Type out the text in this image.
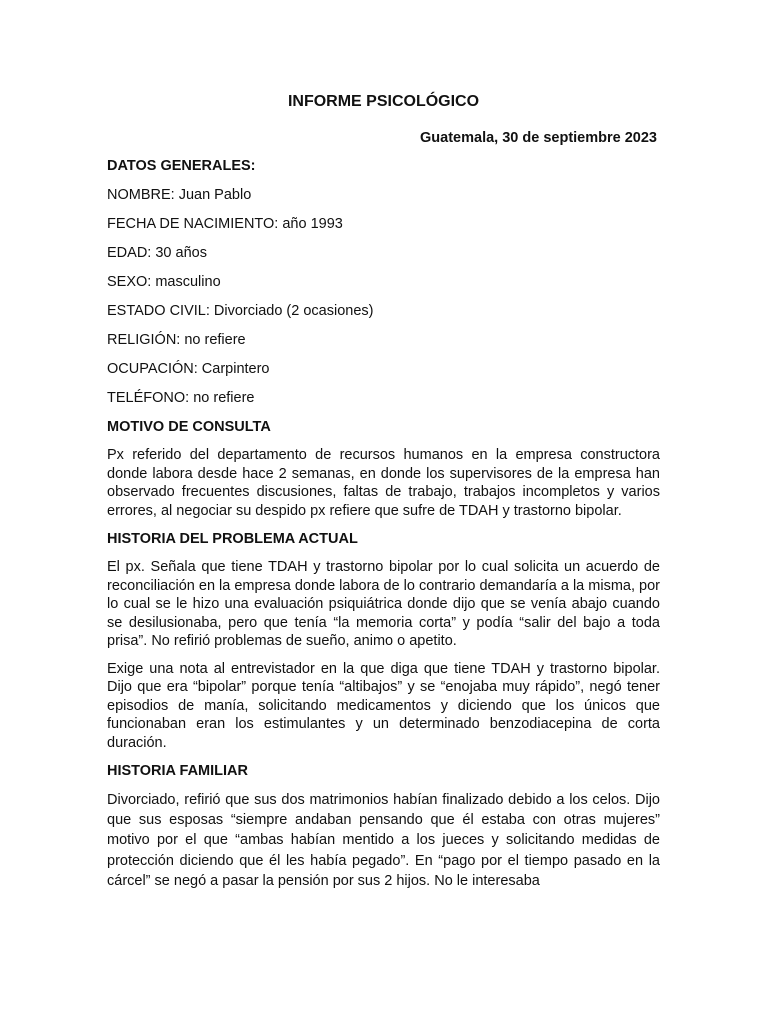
INFORME PSICOLÓGICO
Guatemala, 30 de septiembre 2023
DATOS GENERALES:
NOMBRE: Juan Pablo
FECHA DE NACIMIENTO: año 1993
EDAD: 30 años
SEXO: masculino
ESTADO CIVIL: Divorciado (2 ocasiones)
RELIGIÓN: no refiere
OCUPACIÓN: Carpintero
TELÉFONO: no refiere
MOTIVO DE CONSULTA
Px referido del departamento de recursos humanos en la empresa constructora donde labora desde hace 2 semanas, en donde los supervisores de la empresa han observado frecuentes discusiones, faltas de trabajo, trabajos incompletos y varios errores, al negociar su despido px refiere que sufre de TDAH y trastorno bipolar.
HISTORIA DEL PROBLEMA ACTUAL
El px. Señala que tiene TDAH y trastorno bipolar por lo cual solicita un acuerdo de reconciliación en la empresa donde labora de lo contrario demandaría a la misma, por lo cual se le hizo una evaluación psiquiátrica donde dijo que se venía abajo cuando se desilusionaba, pero que tenía “la memoria corta” y podía “salir del bajo a toda prisa”. No refirió problemas de sueño, animo o apetito.
Exige una nota al entrevistador en la que diga que tiene TDAH y trastorno bipolar. Dijo que era “bipolar” porque tenía “altibajos” y se “enojaba muy rápido”, negó tener episodios de manía, solicitando medicamentos y diciendo que los únicos que funcionaban eran los estimulantes y un determinado benzodiacepina de corta duración.
HISTORIA FAMILIAR
Divorciado, refirió que sus dos matrimonios habían finalizado debido a los celos. Dijo que sus esposas “siempre andaban pensando que él estaba con otras mujeres” motivo por el que “ambas habían mentido a los jueces y solicitando medidas de protección diciendo que él les había pegado”. En “pago por el tiempo pasado en la cárcel” se negó a pasar la pensión por sus 2 hijos. No le interesaba
